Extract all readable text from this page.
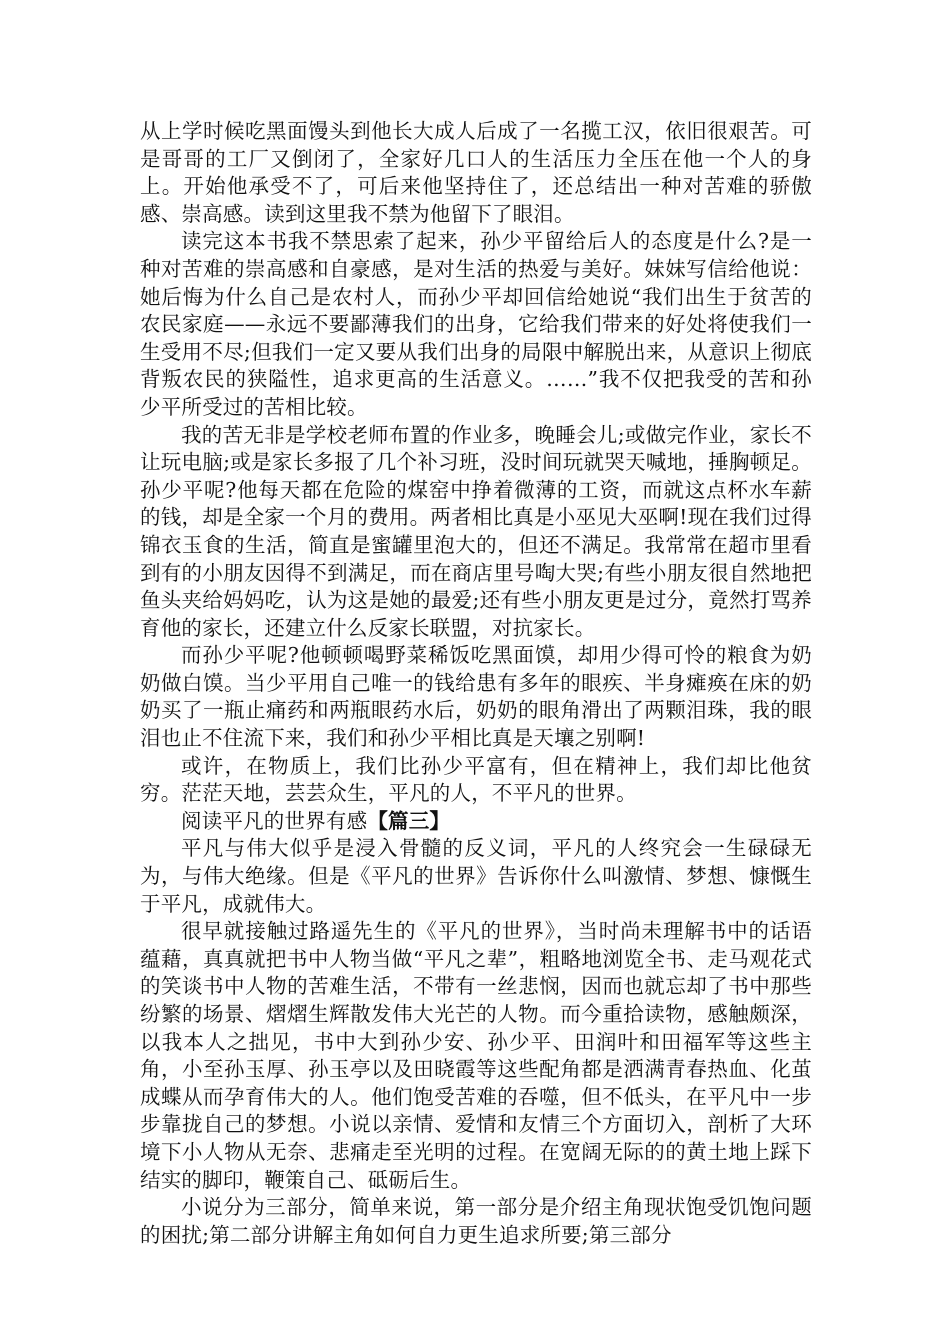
从上学时候吃黑面馒头到他长大成人后成了一名揽工汉，依旧很艰苦。可是哥哥的工厂又倒闭了，全家好几口人的生活压力全压在他一个人的身上。开始他承受不了，可后来他坚持住了，还总结出一种对苦难的骄傲感、崇高感。读到这里我不禁为他留下了眼泪。

读完这本书我不禁思索了起来，孙少平留给后人的态度是什么?是一种对苦难的崇高感和自豪感，是对生活的热爱与美好。妹妹写信给他说：她后悔为什么自己是农村人，而孙少平却回信给她说“我们出生于贫苦的农民家庭——永远不要鄙薄我们的出身，它给我们带来的好处将使我们一生受用不尽;但我们一定又要从我们出身的局限中解脱出来，从意识上彻底背叛农民的狭隘性，追求更高的生活意义。……”我不仅把我受的苦和孙少平所受过的苦相比较。

我的苦无非是学校老师布置的作业多，晚睡会儿;或做完作业，家长不让玩电脑;或是家长多报了几个补习班，没时间玩就哭天喊地，捶胸顿足。孙少平呢?他每天都在危险的煤窑中挣着微薄的工资，而就这点杯水车薪的钱，却是全家一个月的费用。两者相比真是小巫见大巫啊!现在我们过得锦衣玉食的生活，简直是蜜罐里泡大的，但还不满足。我常常在超市里看到有的小朋友因得不到满足，而在商店里号啕大哭;有些小朋友很自然地把鱼头夹给妈妈吃，认为这是她的最爱;还有些小朋友更是过分，竟然打骂养育他的家长，还建立什么反家长联盟，对抗家长。

而孙少平呢?他顿顿喝野菜稀饭吃黑面馍，却用少得可怜的粮食为奶奶做白馍。当少平用自己唯一的钱给患有多年的眼疾、半身瘫痪在床的奶奶买了一瓶止痛药和两瓶眼药水后，奶奶的眼角滑出了两颗泪珠，我的眼泪也止不住流下来，我们和孙少平相比真是天壤之别啊!

或许，在物质上，我们比孙少平富有，但在精神上，我们却比他贫穷。茫茫天地，芸芸众生，平凡的人，不平凡的世界。

阅读平凡的世界有感【篇三】

平凡与伟大似乎是浸入骨髓的反义词，平凡的人终究会一生碌碌无为，与伟大绝缘。但是《平凡的世界》告诉你什么叫激情、梦想、慷慨生于平凡，成就伟大。

很早就接触过路遥先生的《平凡的世界》，当时尚未理解书中的话语蕴藉，真真就把书中人物当做“平凡之辈”，粗略地浏览全书、走马观花式的笑谈书中人物的苦难生活，不带有一丝悲悯，因而也就忘却了书中那些纷繁的场景、熠熠生辉散发伟大光芒的人物。而今重拾读物，感触颇深，以我本人之拙见，书中大到孙少安、孙少平、田润叶和田福军等这些主角，小至孙玉厚、孙玉亭以及田晓霞等这些配角都是洒满青春热血、化茧成蝶从而孕育伟大的人。他们饱受苦难的吞噬，但不低头，在平凡中一步步靠拢自己的梦想。小说以亲情、爱情和友情三个方面切入，剖析了大环境下小人物从无奈、悲痛走至光明的过程。在宽阔无际的的黄土地上踩下结实的脚印，鞭策自己、砥砺后生。

小说分为三部分，简单来说，第一部分是介绍主角现状饱受饥饱问题的困扰;第二部分讲解主角如何自力更生追求所要;第三部分
